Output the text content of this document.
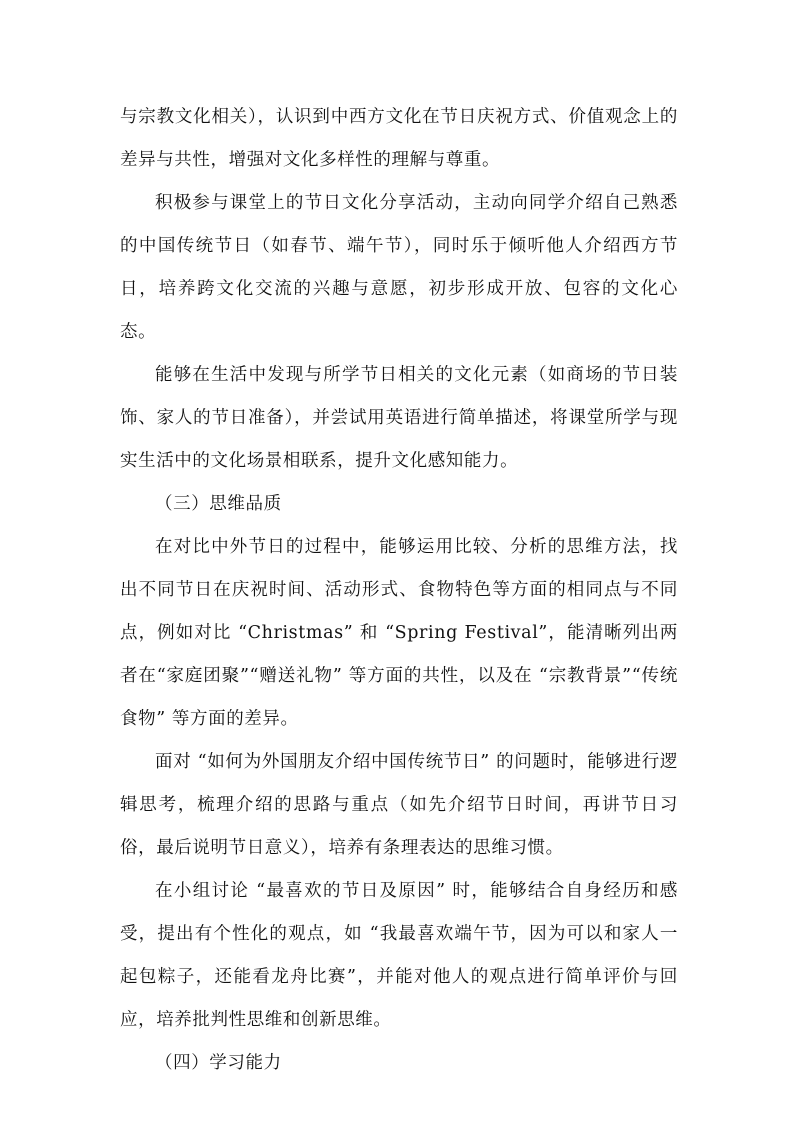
与宗教文化相关），认识到中西方文化在节日庆祝方式、价值观念上的差异与共性，增强对文化多样性的理解与尊重。

积极参与课堂上的节日文化分享活动，主动向同学介绍自己熟悉的中国传统节日（如春节、端午节），同时乐于倾听他人介绍西方节日，培养跨文化交流的兴趣与意愿，初步形成开放、包容的文化心态。

能够在生活中发现与所学节日相关的文化元素（如商场的节日装饰、家人的节日准备），并尝试用英语进行简单描述，将课堂所学与现实生活中的文化场景相联系，提升文化感知能力。

（三）思维品质

在对比中外节日的过程中，能够运用比较、分析的思维方法，找出不同节日在庆祝时间、活动形式、食物特色等方面的相同点与不同点，例如对比 “Christmas” 和 “Spring Festival”，能清晰列出两者在“家庭团聚”“赠送礼物” 等方面的共性，以及在 “宗教背景”“传统食物” 等方面的差异。

面对 “如何为外国朋友介绍中国传统节日” 的问题时，能够进行逻辑思考，梳理介绍的思路与重点（如先介绍节日时间，再讲节日习俗，最后说明节日意义），培养有条理表达的思维习惯。

在小组讨论 “最喜欢的节日及原因” 时，能够结合自身经历和感受，提出有个性化的观点，如 “我最喜欢端午节，因为可以和家人一起包粽子，还能看龙舟比赛”，并能对他人的观点进行简单评价与回应，培养批判性思维和创新思维。

（四）学习能力
